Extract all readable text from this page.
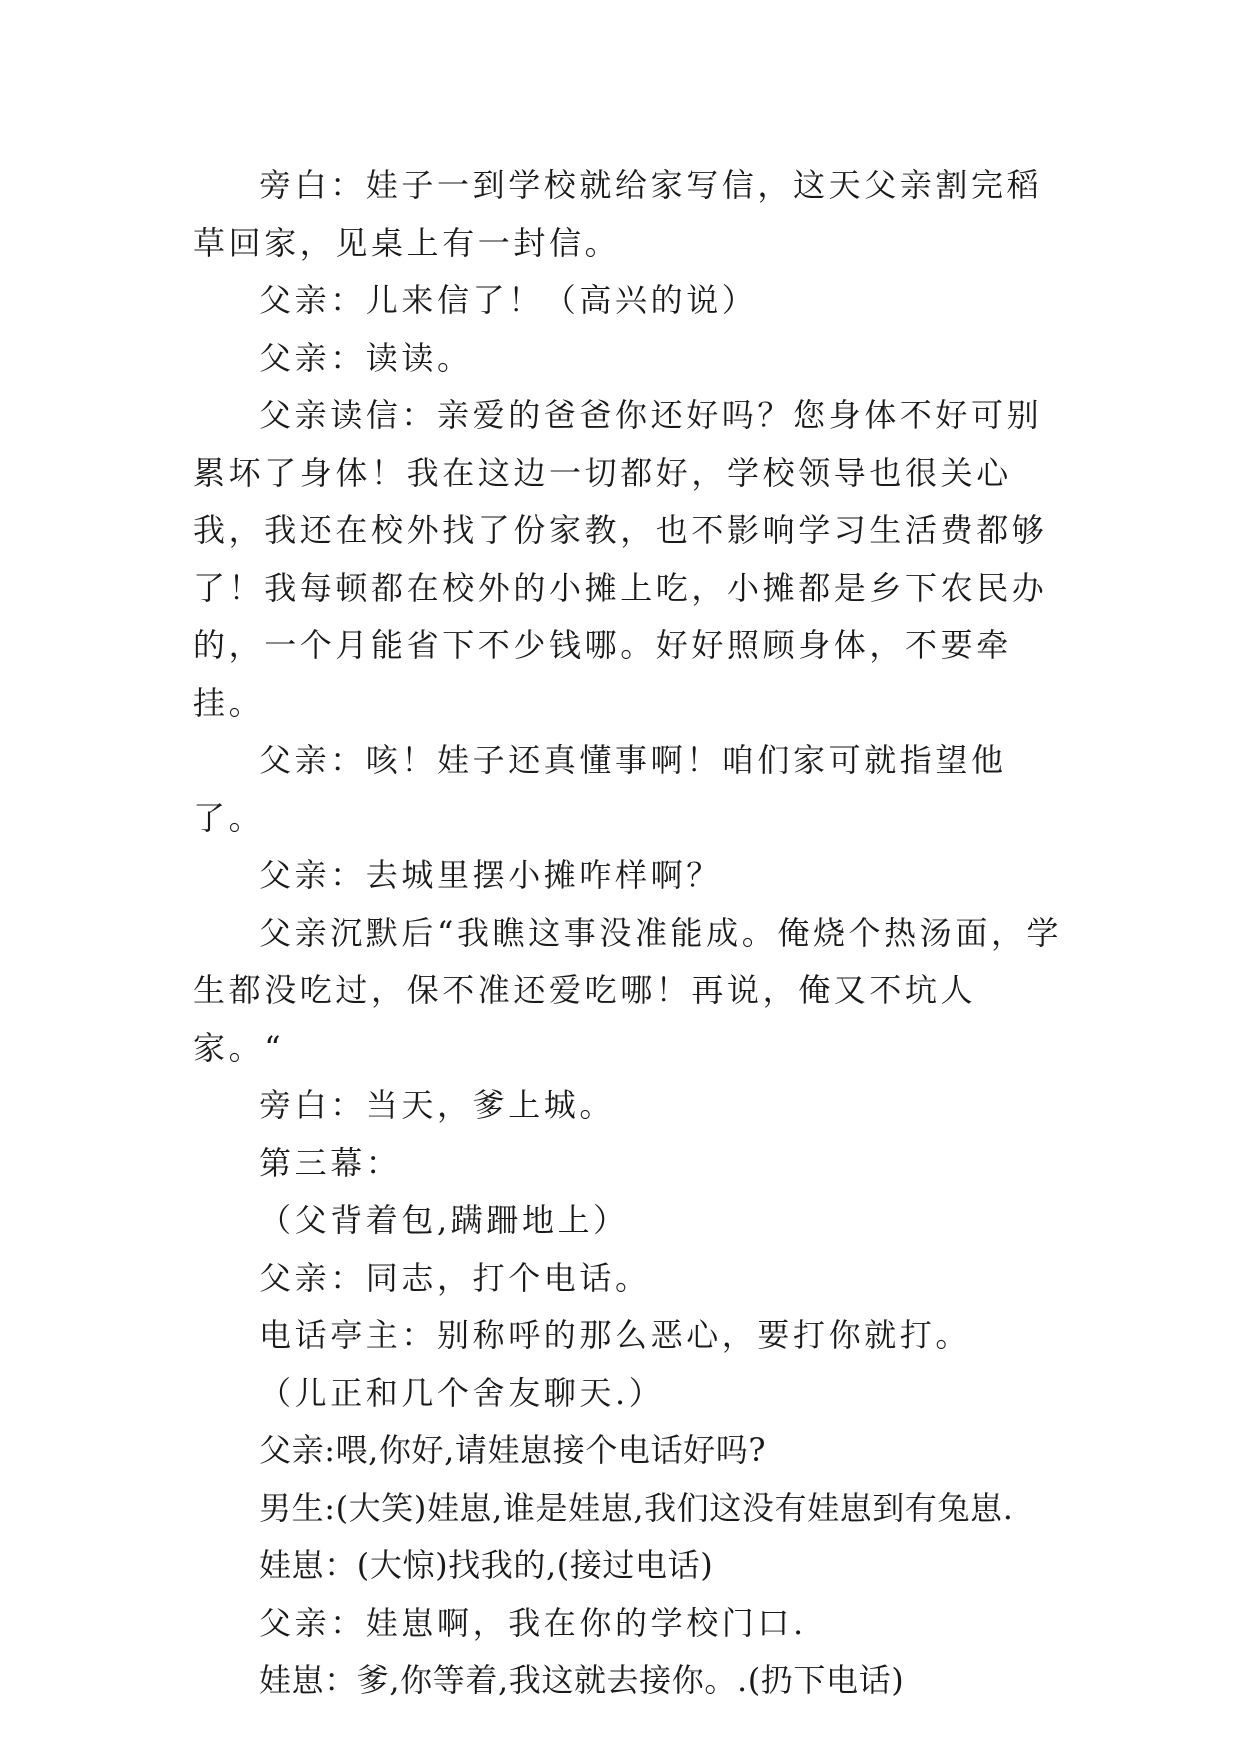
旁白：娃子一到学校就给家写信，这天父亲割完稻草回家，见桌上有一封信。

父亲：儿来信了！（高兴的说）

父亲：读读。

父亲读信：亲爱的爸爸你还好吗？您身体不好可别累坏了身体！我在这边一切都好，学校领导也很关心我，我还在校外找了份家教，也不影响学习生活费都够了！我每顿都在校外的小摊上吃，小摊都是乡下农民办的，一个月能省下不少钱哪。好好照顾身体，不要牵挂。

父亲：咳！娃子还真懂事啊！咱们家可就指望他了。

父亲：去城里摆小摊咋样啊？

父亲沉默后“我瞧这事没准能成。俺烧个热汤面，学生都没吃过，保不准还爱吃哪！再说，俺又不坑人家。“

旁白：当天，爹上城。

第三幕：

（父背着包,蹒跚地上）

父亲：同志，打个电话。

电话亭主：别称呼的那么恶心，要打你就打。

（儿正和几个舍友聊天.）

父亲:喂,你好,请娃崽接个电话好吗?

男生:(大笑)娃崽,谁是娃崽,我们这没有娃崽到有兔崽.

娃崽：(大惊)找我的,(接过电话)

父亲：娃崽啊，我在你的学校门口.

娃崽：爹,你等着,我这就去接你。.(扔下电话)
